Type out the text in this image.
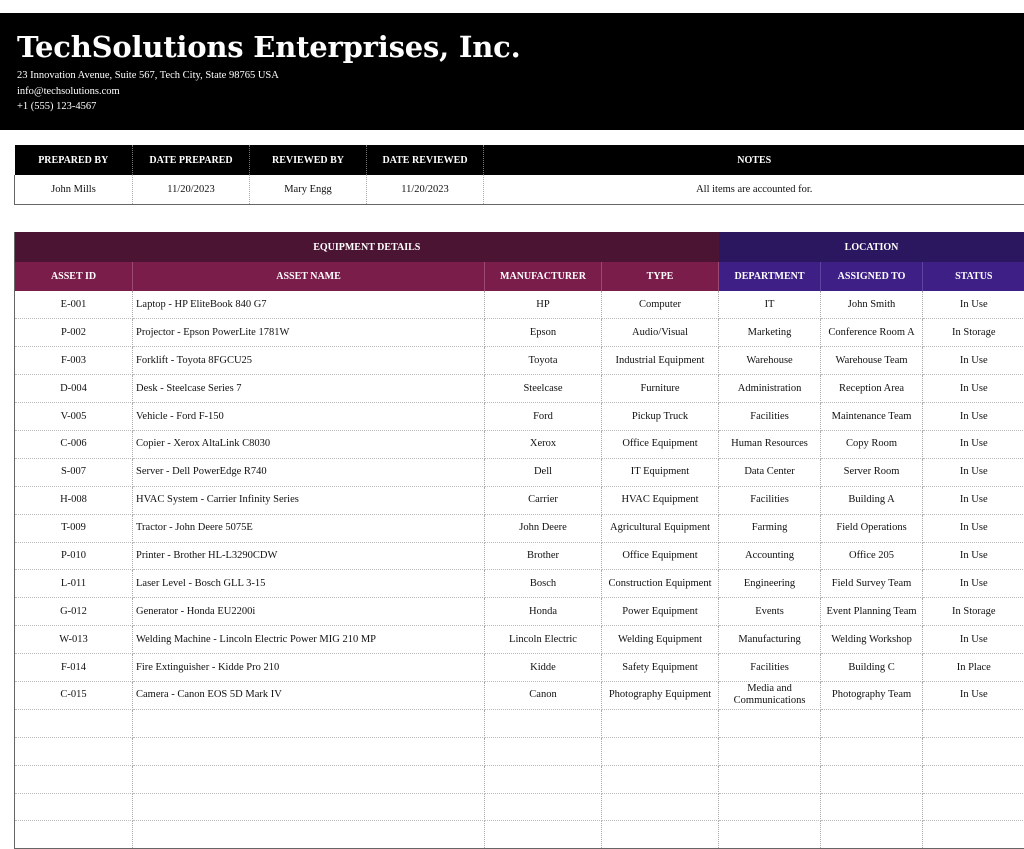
TechSolutions Enterprises, Inc.
23 Innovation Avenue, Suite 567, Tech City, State 98765 USA
info@techsolutions.com
+1 (555) 123-4567
PREPARED BY	DATE PREPARED	REVIEWED BY	DATE REVIEWED	NOTES
John Mills	11/20/2023	Mary Engg	11/20/2023	All items are accounted for.
EQUIPMENT DETAILS				LOCATION		
ASSET ID	ASSET NAME	MANUFACTURER	TYPE	DEPARTMENT	ASSIGNED TO	STATUS
E-001	Laptop - HP EliteBook 840 G7	HP	Computer	IT	John Smith	In Use
P-002	Projector - Epson PowerLite 1781W	Epson	Audio/Visual	Marketing	Conference Room A	In Storage
F-003	Forklift - Toyota 8FGCU25	Toyota	Industrial Equipment	Warehouse	Warehouse Team	In Use
D-004	Desk - Steelcase Series 7	Steelcase	Furniture	Administration	Reception Area	In Use
V-005	Vehicle - Ford F-150	Ford	Pickup Truck	Facilities	Maintenance Team	In Use
C-006	Copier - Xerox AltaLink C8030	Xerox	Office Equipment	Human Resources	Copy Room	In Use
S-007	Server - Dell PowerEdge R740	Dell	IT Equipment	Data Center	Server Room	In Use
H-008	HVAC System - Carrier Infinity Series	Carrier	HVAC Equipment	Facilities	Building A	In Use
T-009	Tractor - John Deere 5075E	John Deere	Agricultural Equipment	Farming	Field Operations	In Use
P-010	Printer - Brother HL-L3290CDW	Brother	Office Equipment	Accounting	Office 205	In Use
L-011	Laser Level - Bosch GLL 3-15	Bosch	Construction Equipment	Engineering	Field Survey Team	In Use
G-012	Generator - Honda EU2200i	Honda	Power Equipment	Events	Event Planning Team	In Storage
W-013	Welding Machine - Lincoln Electric Power MIG 210 MP	Lincoln Electric	Welding Equipment	Manufacturing	Welding Workshop	In Use
F-014	Fire Extinguisher - Kidde Pro 210	Kidde	Safety Equipment	Facilities	Building C	In Place
C-015	Camera - Canon EOS 5D Mark IV	Canon	Photography Equipment	Media and Communications	Photography Team	In Use
